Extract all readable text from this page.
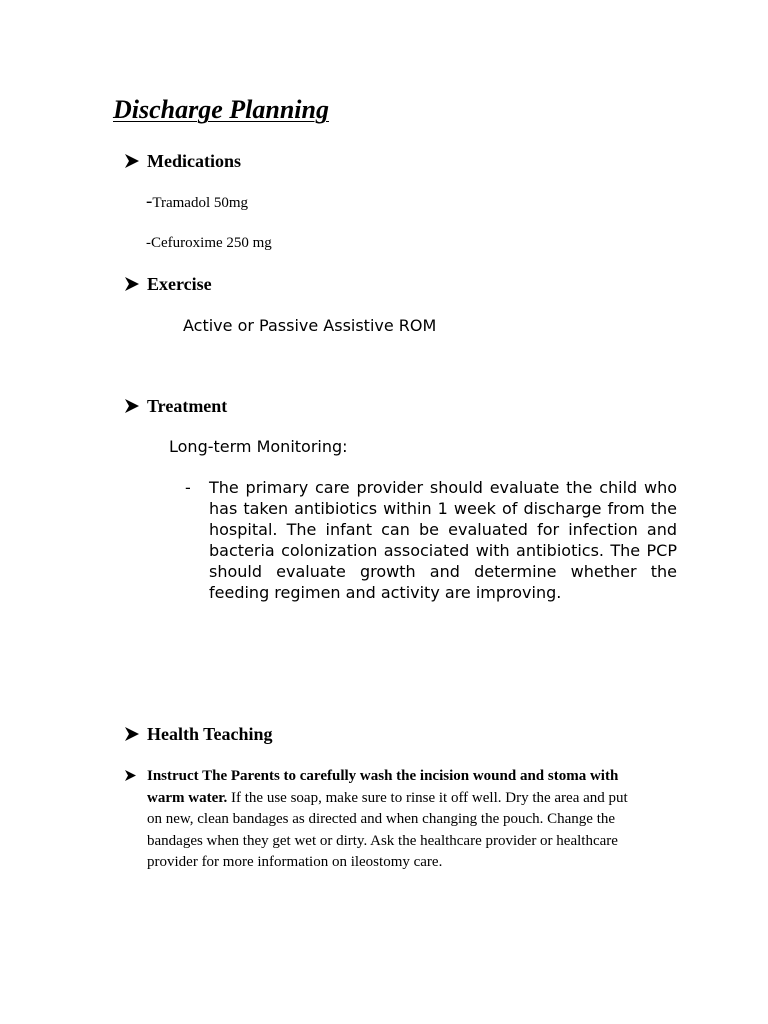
Discharge Planning
Medications

-Tramadol 50mg

-Cefuroxime 250 mg

Exercise

Active or Passive Assistive ROM

Treatment

Long-term Monitoring:

- The primary care provider should evaluate the child who has taken antibiotics within 1 week of discharge from the hospital. The infant can be evaluated for infection and bacteria colonization associated with antibiotics. The PCP should evaluate growth and determine whether the feeding regimen and activity are improving.

Health Teaching

Instruct The Parents to carefully wash the incision wound and stoma with warm water. If the use soap, make sure to rinse it off well. Dry the area and put on new, clean bandages as directed and when changing the pouch. Change the bandages when they get wet or dirty. Ask the healthcare provider or healthcare provider for more information on ileostomy care.
